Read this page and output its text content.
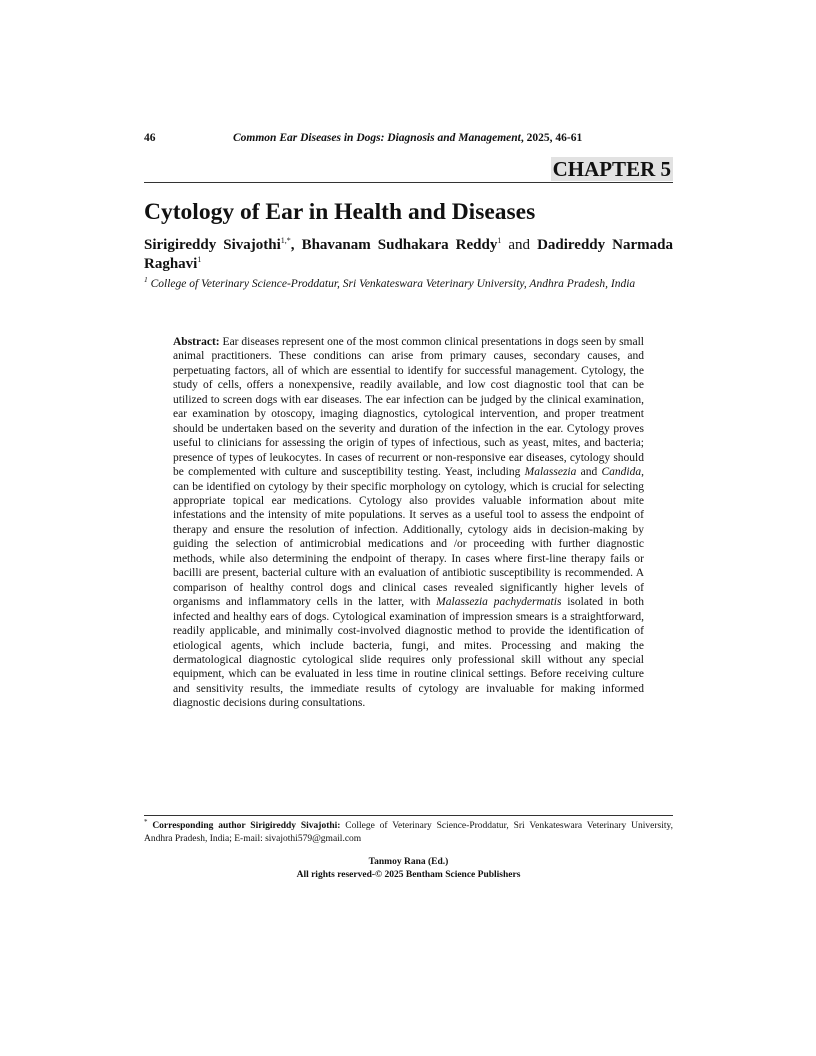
46	Common Ear Diseases in Dogs: Diagnosis and Management, 2025, 46-61
CHAPTER 5
Cytology of Ear in Health and Diseases
Sirigireddy Sivajothi$^{1,*}$, Bhavanam Sudhakara Reddy$^1$ and Dadireddy Narmada Raghavi$^1$
$^1$ College of Veterinary Science-Proddatur, Sri Venkateswara Veterinary University, Andhra Pradesh, India

Abstract: Ear diseases represent one of the most common clinical presentations in dogs seen by small animal practitioners. These conditions can arise from primary causes, secondary causes, and perpetuating factors, all of which are essential to identify for successful management. Cytology, the study of cells, offers a nonexpensive, readily available, and low cost diagnostic tool that can be utilized to screen dogs with ear diseases. The ear infection can be judged by the clinical examination, ear examination by otoscopy, imaging diagnostics, cytological intervention, and proper treatment should be undertaken based on the severity and duration of the infection in the ear. Cytology proves useful to clinicians for assessing the origin of types of infectious, such as yeast, mites, and bacteria; presence of types of leukocytes. In cases of recurrent or non-responsive ear diseases, cytology should be complemented with culture and susceptibility testing. Yeast, including Malassezia and Candida, can be identified on cytology by their specific morphology on cytology, which is crucial for selecting appropriate topical ear medications. Cytology also provides valuable information about mite infestations and the intensity of mite populations. It serves as a useful tool to assess the endpoint of therapy and ensure the resolution of infection. Additionally, cytology aids in decision-making by guiding the selection of antimicrobial medications and /or proceeding with further diagnostic methods, while also determining the endpoint of therapy. In cases where first-line therapy fails or bacilli are present, bacterial culture with an evaluation of antibiotic susceptibility is recommended. A comparison of healthy control dogs and clinical cases revealed significantly higher levels of organisms and inflammatory cells in the latter, with Malassezia pachydermatis isolated in both infected and healthy ears of dogs. Cytological examination of impression smears is a straightforward, readily applicable, and minimally cost-involved diagnostic method to provide the identification of etiological agents, which include bacteria, fungi, and mites. Processing and making the dermatological diagnostic cytological slide requires only professional skill without any special equipment, which can be evaluated in less time in routine clinical settings. Before receiving culture and sensitivity results, the immediate results of cytology are invaluable for making informed diagnostic decisions during consultations.

* Corresponding author Sirigireddy Sivajothi: College of Veterinary Science-Proddatur, Sri Venkateswara Veterinary University, Andhra Pradesh, India; E-mail: sivajothi579@gmail.com
Tanmoy Rana (Ed.)
All rights reserved-© 2025 Bentham Science Publishers
